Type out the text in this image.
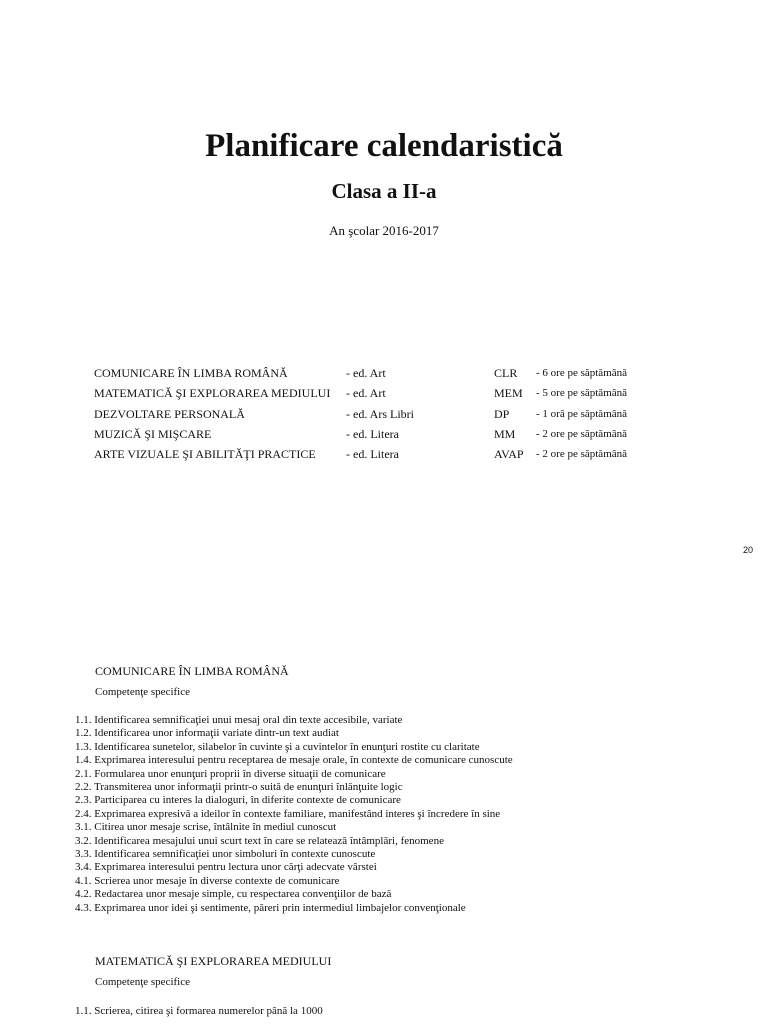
Planificare calendaristică
Clasa a II-a
An şcolar 2016-2017
COMUNICARE ÎN LIMBA ROMÂNĂ	- ed. Art	CLR - 6 ore pe săptămână
MATEMATICĂ ŞI EXPLORAREA MEDIULUI - ed. Art	MEM - 5 ore pe săptămână
DEZVOLTARE PERSONALĂ	- ed. Ars Libri	DP - 1 oră pe săptămână
MUZICĂ ŞI MIŞCARE	- ed. Litera	MM - 2 ore pe săptămână
ARTE VIZUALE ŞI ABILITĂŢI PRACTICE	- ed. Litera	AVAP - 2 ore pe săptămână
20
COMUNICARE ÎN LIMBA ROMÂNĂ
Competenţe specifice
1.1. Identificarea semnificaţiei unui mesaj oral din texte accesibile, variate
1.2. Identificarea unor informaţii variate dintr-un text audiat
1.3. Identificarea sunetelor, silabelor în cuvinte şi a cuvintelor în enunţuri rostite cu claritate
1.4. Exprimarea interesului pentru receptarea de mesaje orale, în contexte de comunicare cunoscute
2.1. Formularea unor enunţuri proprii în diverse situaţii de comunicare
2.2. Transmiterea unor informaţii printr-o suită de enunţuri înlănţuite logic
2.3. Participarea cu interes la dialoguri, în diferite contexte de comunicare
2.4. Exprimarea expresivă a ideilor în contexte familiare, manifestând interes şi încredere în sine
3.1. Citirea unor mesaje scrise, întâlnite în mediul cunoscut
3.2. Identificarea mesajului unui scurt text în care se relatează întâmplări, fenomene
3.3. Identificarea semnificaţiei unor simboluri în contexte cunoscute
3.4. Exprimarea interesului pentru lectura unor cărţi adecvate vârstei
4.1. Scrierea unor mesaje în diverse contexte de comunicare
4.2. Redactarea unor mesaje simple, cu respectarea convenţiilor de bază
4.3. Exprimarea unor idei şi sentimente, păreri prin intermediul limbajelor convenţionale
MATEMATICĂ ŞI EXPLORAREA MEDIULUI
Competenţe specifice
1.1. Scrierea, citirea şi formarea numerelor până la 1000
